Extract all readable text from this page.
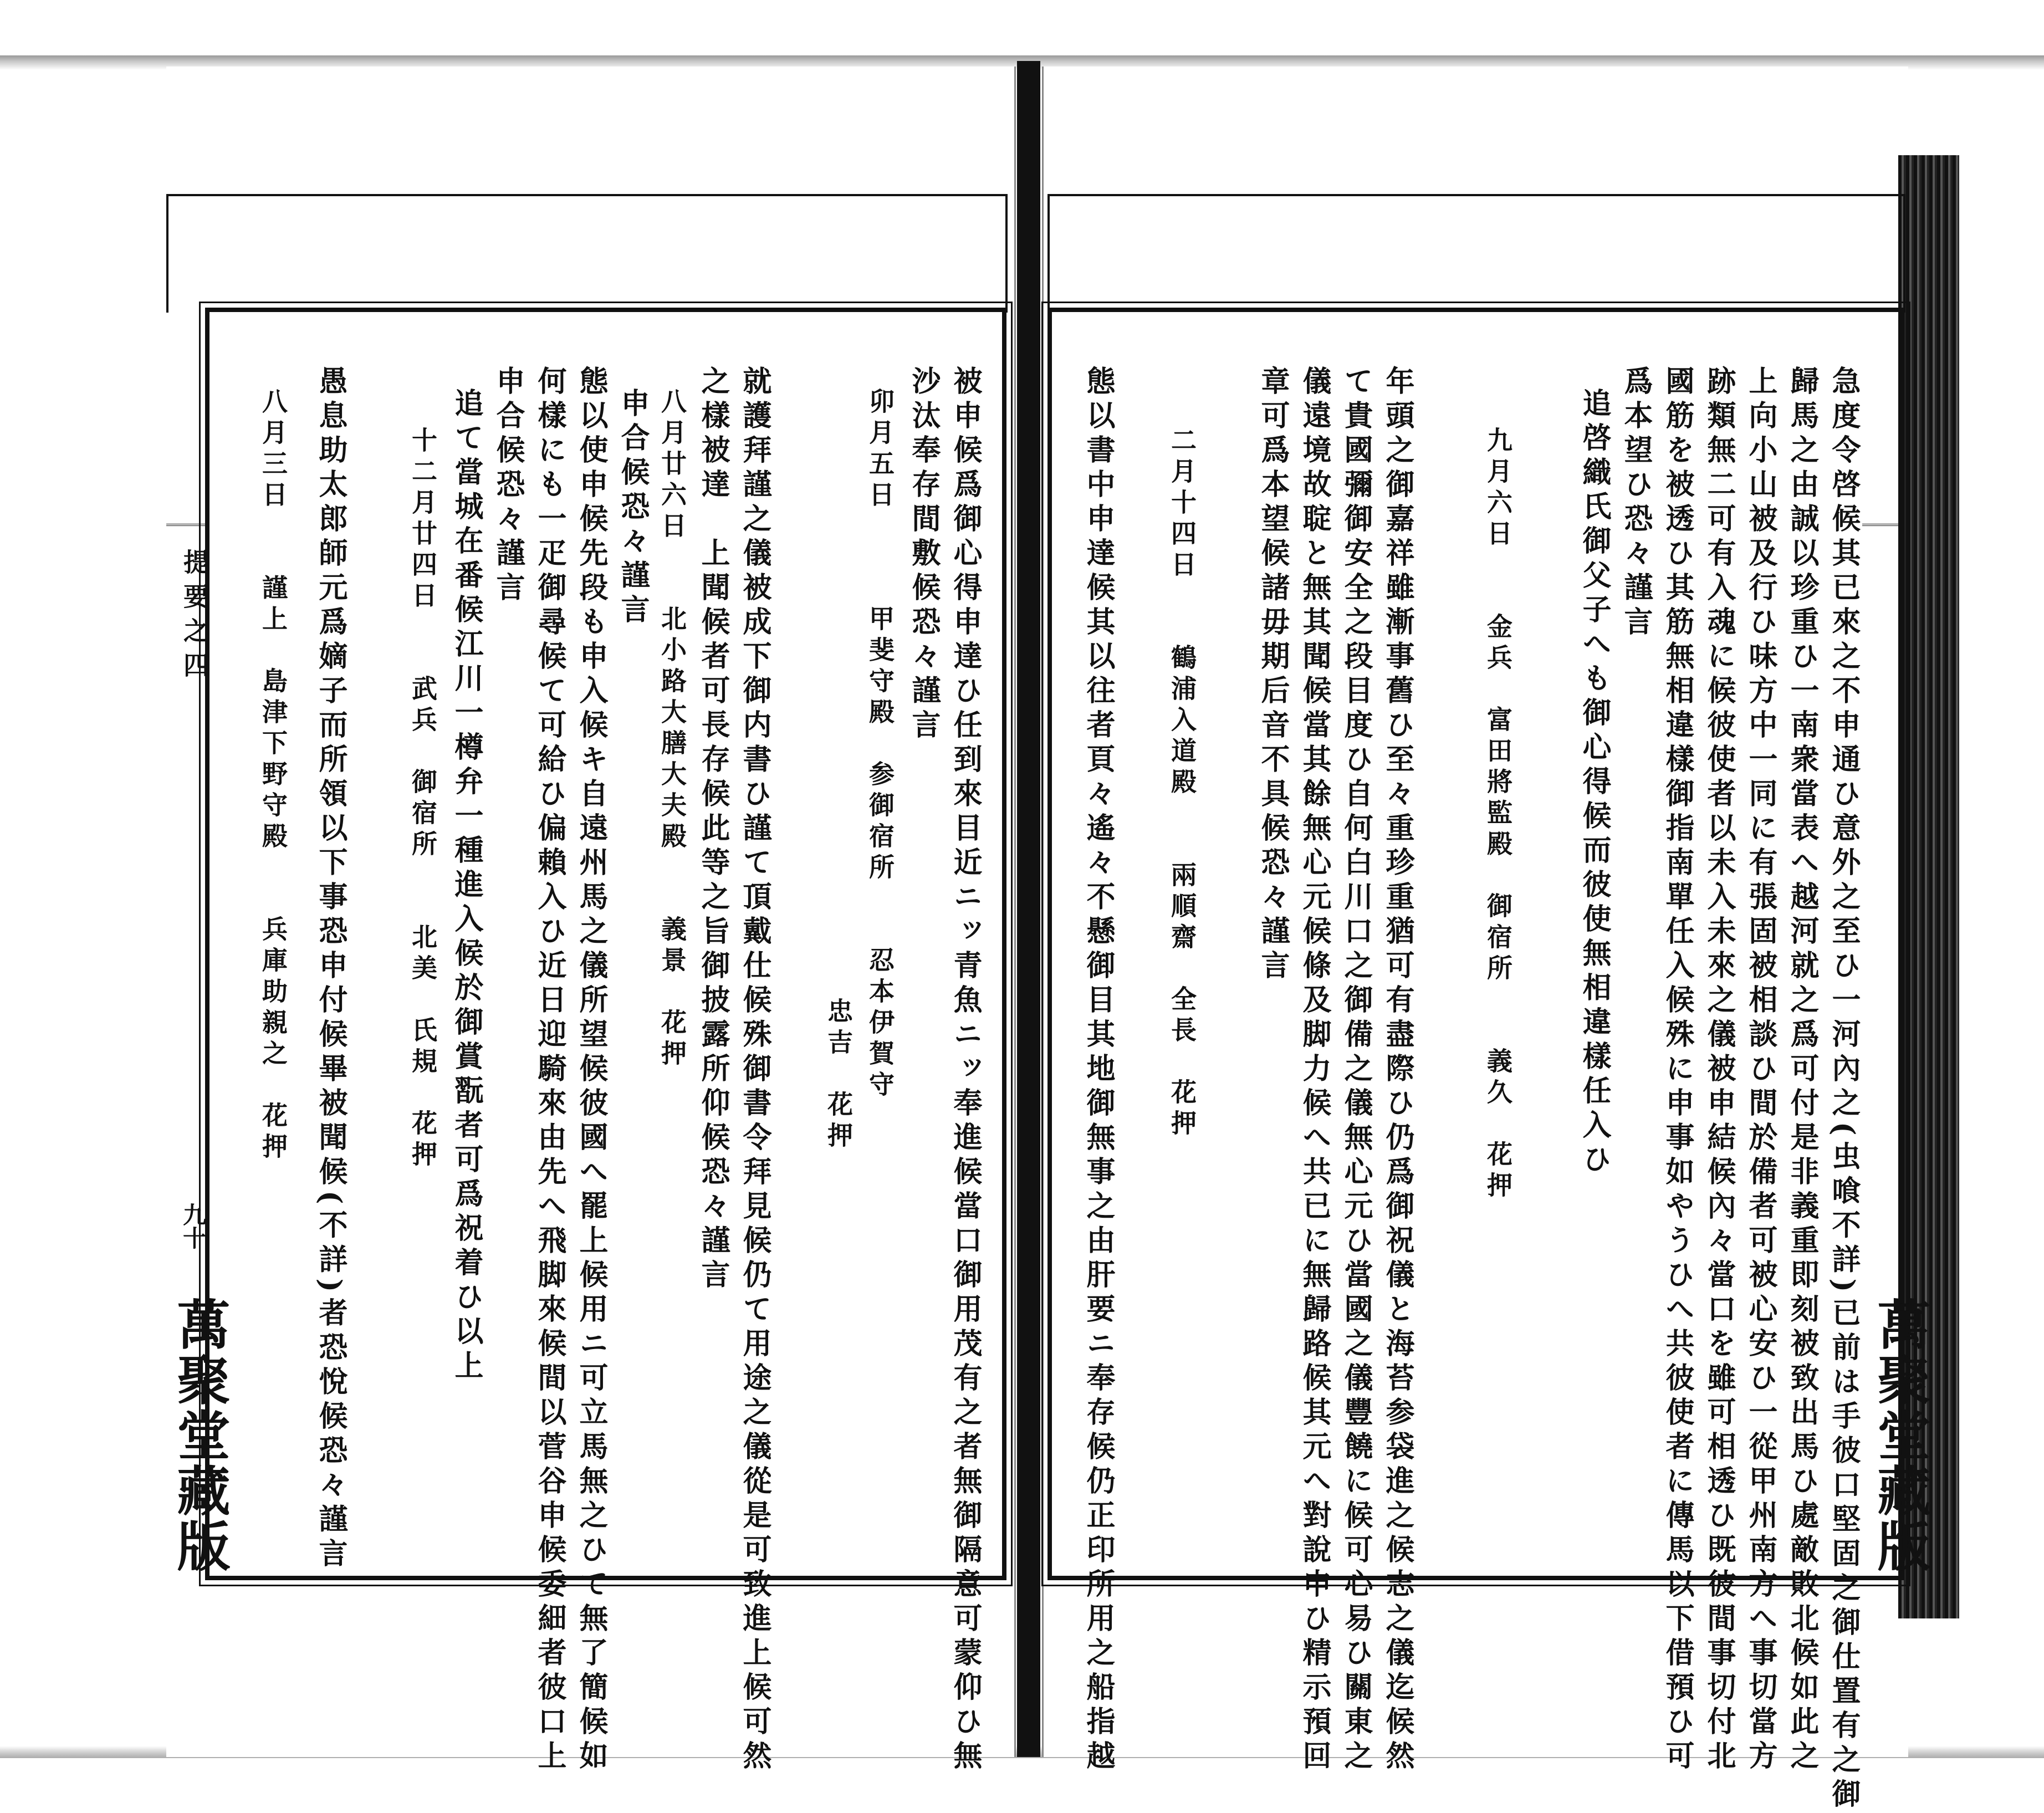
提要之四
九十
萬聚堂藏版	萬聚堂藏版
被申候爲御心得申達ひ任到來目近ニッ青魚ニッ奉進候當口御用茂有之者無御隔意可蒙仰ひ無
沙汰奉存間敷候恐々謹言
卯月五日　　　甲斐守殿　参御宿所　　忍本伊賀守
忠吉　花押
就護拜謹之儀被成下御内書ひ謹て頂戴仕候殊御書令拜見候仍て用途之儀從是可致進上候可然
之樣被達　上聞候者可長存候此等之旨御披露所仰候恐々謹言
八月廿六日　　北小路大膳大夫殿　　義景　花押
申合候恐々謹言
態以使申候先段も申入候キ自遠州馬之儀所望候彼國へ罷上候用ニ可立馬無之ひて無了簡候如
何樣にも一疋御尋候て可給ひ偏賴入ひ近日迎騎來由先へ飛脚來候間以菅谷申候委細者彼口上
申合候恐々謹言
追て當城在番候江川一樽弁一種進入候於御賞翫者可爲祝着ひ以上
十二月廿四日　　武兵　御宿所　　北美　氏規　花押
愚息助太郎師元爲嫡子而所領以下事恐申付候畢被聞候(不詳)者恐悅候恐々謹言
八月三日　　謹上　島津下野守殿　　兵庫助親之　花押	急度令啓候其已來之不申通ひ意外之至ひ一河內之(虫喰不詳)已前は手彼口堅固之御仕置有之御
歸馬之由誠以珍重ひ一南衆當表へ越河就之爲可付是非義重即刻被致出馬ひ處敵敗北候如此之
上向小山被及行ひ味方中一同に有張固被相談ひ間於備者可被心安ひ一從甲州南方へ事切當方
跡類無二可有入魂に候彼使者以未入未來之儀被申結候內々當口を雖可相透ひ既彼間事切付北
國筋を被透ひ其筋無相違樣御指南單任入候殊に申事如やうひへ共彼使者に傳馬以下借預ひ可
爲本望ひ恐々謹言
追啓織氏御父子へも御心得候而彼使無相違樣任入ひ
九月六日　　金兵　富田將監殿　御宿所　　義久　花押
年頭之御嘉祥雖漸事舊ひ至々重珍重猶可有盡際ひ仍爲御祝儀と海苔参袋進之候志之儀迄候然
て貴國彌御安全之段目度ひ自何白川口之御備之儀無心元ひ當國之儀豐饒に候可心易ひ關東之
儀遠境故聢と無其聞候當其餘無心元候條及脚力候へ共已に無歸路候其元へ對說申ひ精示預回
章可爲本望候諸毋期后音不具候恐々謹言
二月十四日　　鶴浦入道殿　　兩順齋　全長　花押
態以書中申達候其以往者頁々遙々不懸御目其地御無事之由肝要ニ奉存候仍正印所用之船指越
